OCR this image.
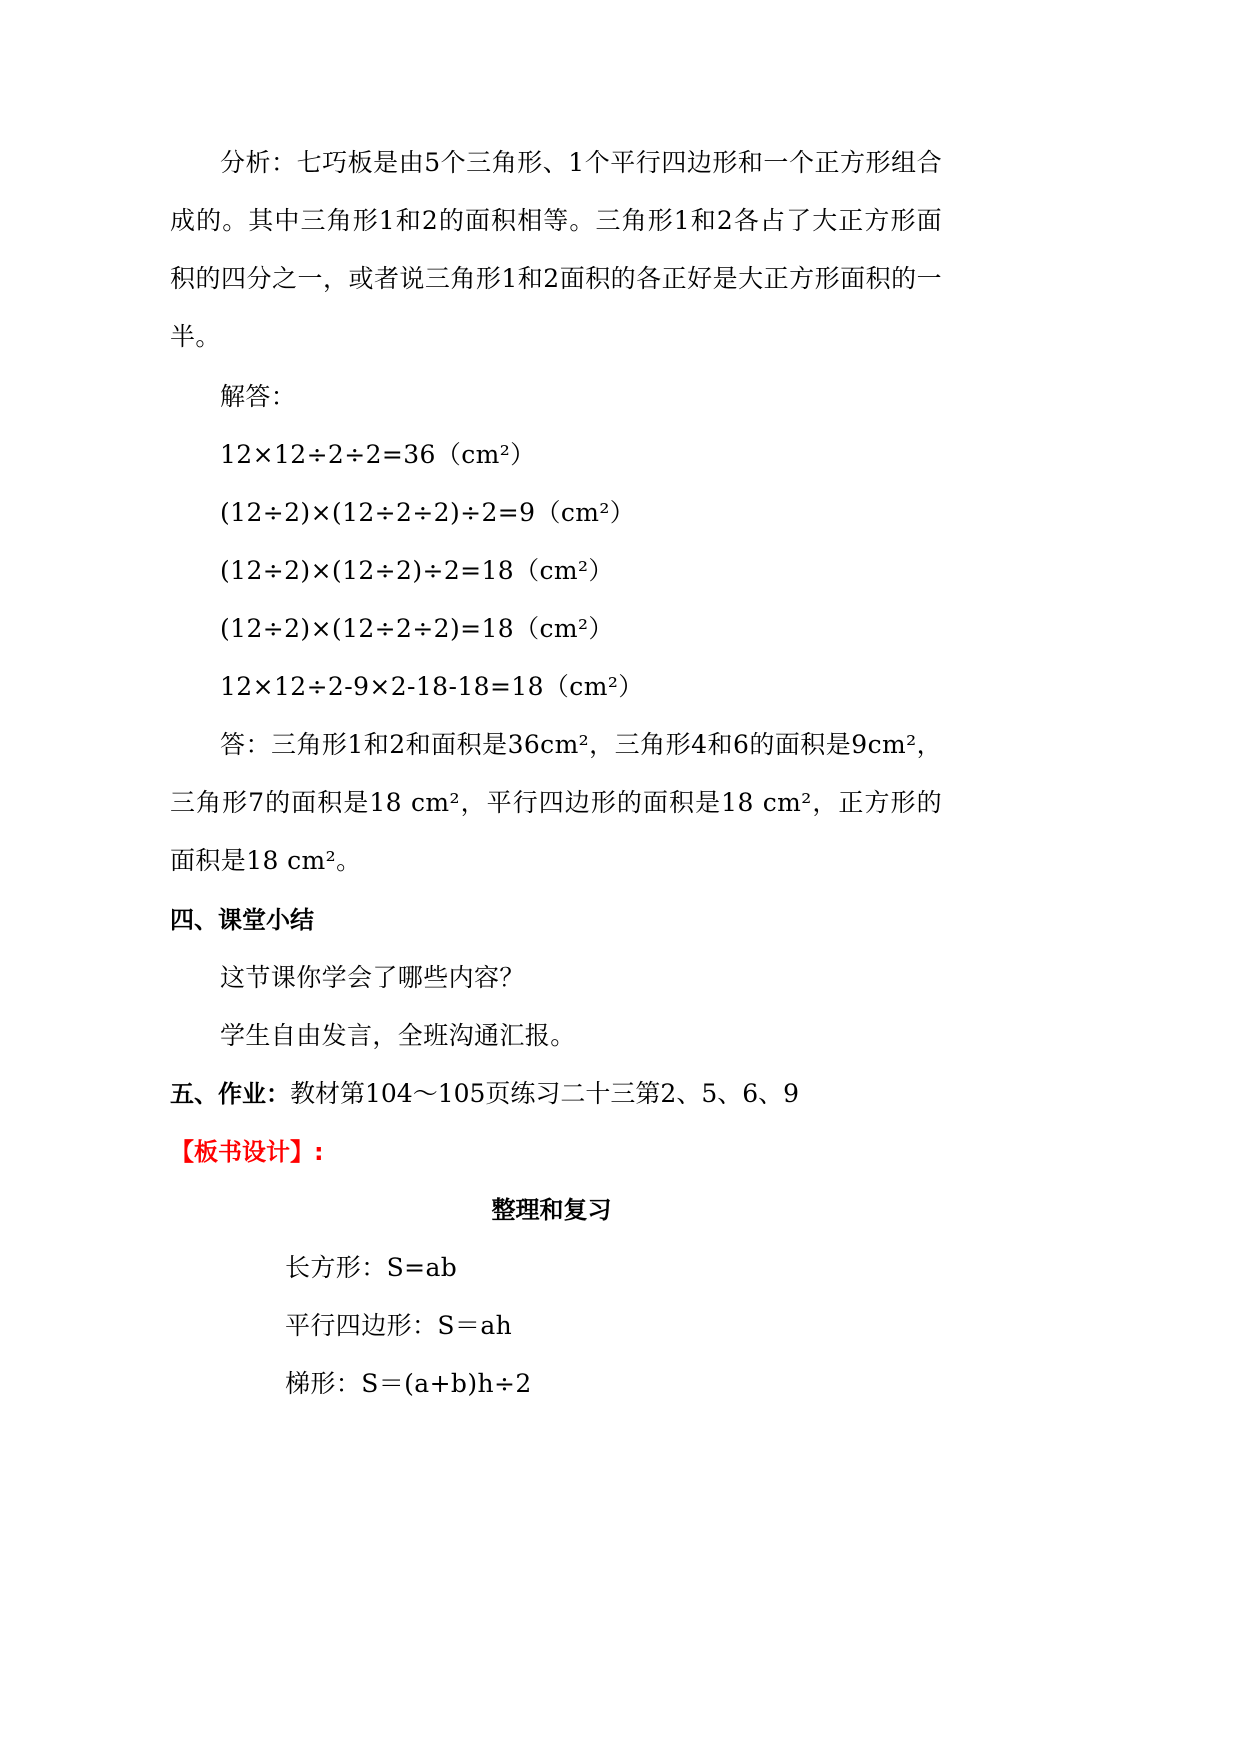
分析：七巧板是由5个三角形、1个平行四边形和一个正方形组合成的。其中三角形1和2的面积相等。三角形1和2各占了大正方形面积的四分之一，或者说三角形1和2面积的各正好是大正方形面积的一半。
解答：
12×12÷2÷2=36（cm²）
(12÷2)×(12÷2÷2)÷2=9（cm²）
(12÷2)×(12÷2)÷2=18（cm²）
(12÷2)×(12÷2÷2)=18（cm²）
12×12÷2-9×2-18-18=18（cm²）
答：三角形1和2和面积是36cm²，三角形4和6的面积是9cm²，三角形7的面积是18 cm²，平行四边形的面积是18 cm²，正方形的面积是18 cm²。
四、课堂小结
这节课你学会了哪些内容？
学生自由发言，全班沟通汇报。
五、作业：教材第104～105页练习二十三第2、5、6、9
【板书设计】:
整理和复习
长方形：S=ab
平行四边形：S＝ah
梯形：S＝(a+b)h÷2
